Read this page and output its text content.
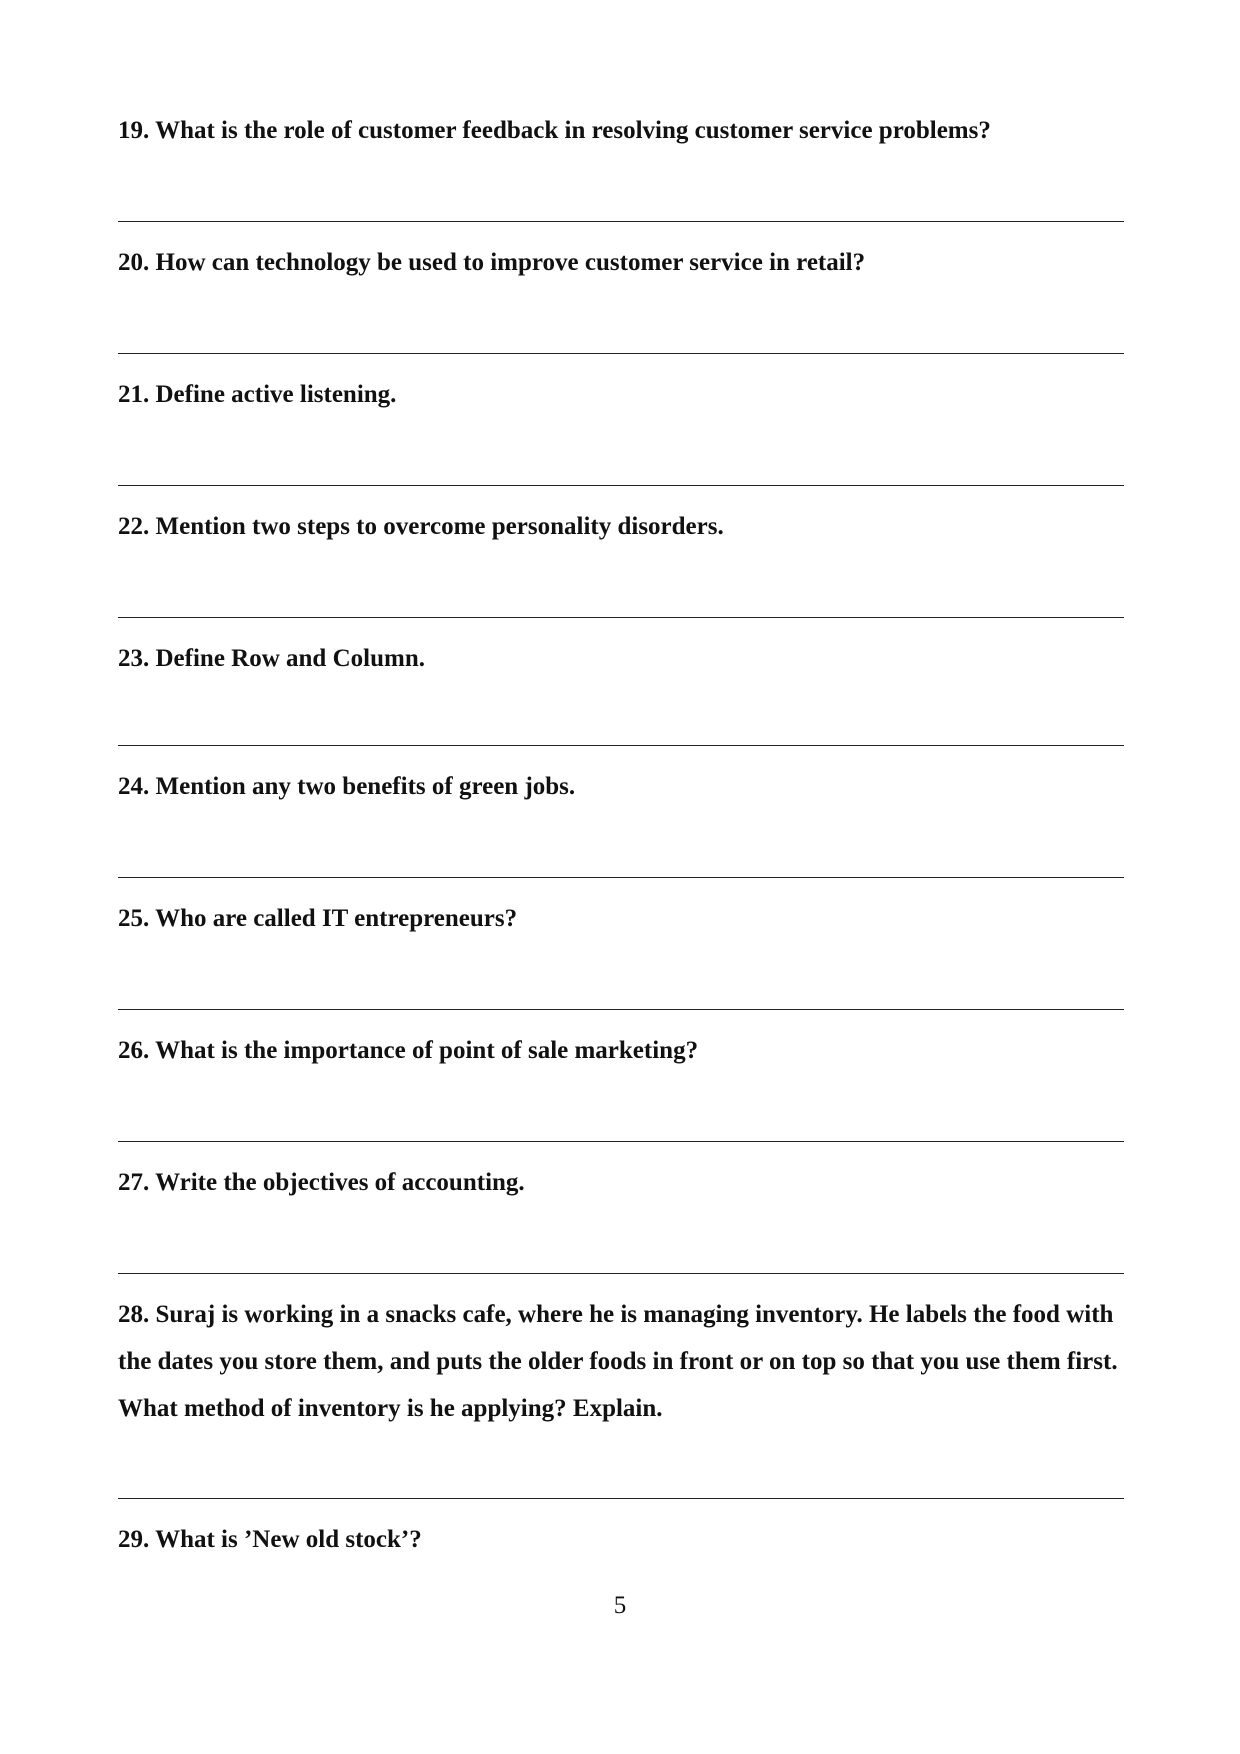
19. What is the role of customer feedback in resolving customer service problems?

20. How can technology be used to improve customer service in retail?

21. Define active listening.

22. Mention two steps to overcome personality disorders.

23. Define Row and Column.

24. Mention any two benefits of green jobs.

25. Who are called IT entrepreneurs?

26. What is the importance of point of sale marketing?

27. Write the objectives of accounting.

28. Suraj is working in a snacks cafe, where he is managing inventory. He labels the food with the dates you store them, and puts the older foods in front or on top so that you use them first. What method of inventory is he applying? Explain.

29. What is ’New old stock’?

5
